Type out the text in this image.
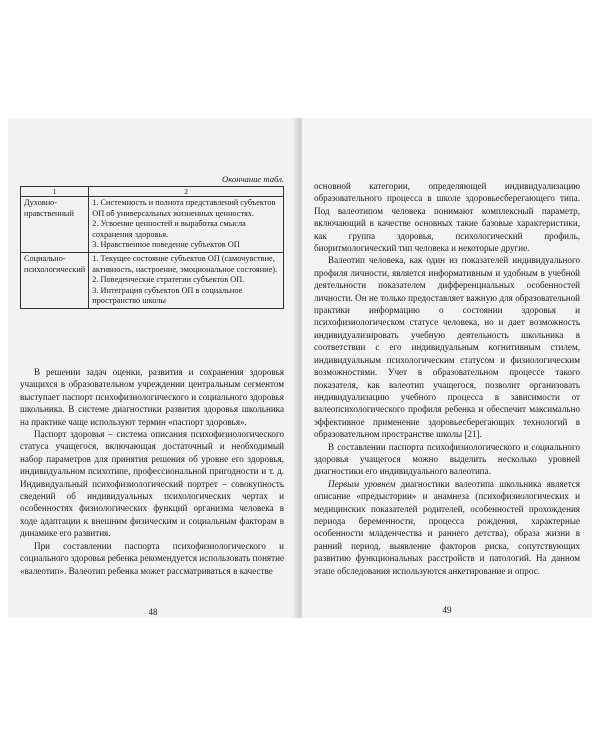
Окончание табл.
1	2
Духовно-нравственный	1. Системность и полнота представлений субъектов ОП об универсальных жизненных ценностях.

2. Усвоение ценностей и выработка смысла сохранения здоровья.

3. Нравственное поведение субъектов ОП

Социально-психологический	1. Текущее состояние субъектов ОП (самочувствие, активность, настроение, эмоциональное состояние).

2. Поведенческие стратегии субъектов ОП.

3. Интеграция субъектов ОП в социальное пространство школы

В решении задач оценки, развития и сохранения здоровья учащихся в образовательном учреждении центральным сегментом выступает паспорт психофизиологического и социального здоровья школьника. В системе диагностики развития здоровья школьника на практике чаще используют термин «паспорт здоровья».

Паспорт здоровья – система описания психофизиологического статуса учащегося, включающая достаточный и необходимый набор параметров для принятия решения об уровне его здоровья, индивидуальном психотипе, профессиональной пригодности и т. д. Индивидуальный психофизиологический портрет – совокупность сведений об индивидуальных психологических чертах и особенностях физиологических функций организма человека в ходе адаптации к внешним физическим и социальным факторам в динамике его развития.

При составлении паспорта психофизиологического и социального здоровья ребенка рекомендуется использовать понятие «валеотип». Валеотип ребенка может рассматриваться в качестве

48

основной категории, определяющей индивидуализацию образовательного процесса в школе здоровьесберегающего типа. Под валеотипом человека понимают комплексный параметр, включающий в качестве основных такие базовые характеристики, как группа здоровья, психологический профиль, биоритмологический тип человека и некоторые другие.

Валеотип человека, как один из показателей индивидуального профиля личности, является информативным и удобным в учебной деятельности показателем дифференциальных особенностей личности. Он не только предоставляет важную для образовательной практики информацию о состоянии здоровья и психофизиологическом статусе человека, но и дает возможность индивидуализировать учебную деятельность школьника в соответствии с его индивидуальным когнитивным стилем, индивидуальным психологическим статусом и физиологическим возможностями. Учет в образовательном процессе такого показателя, как валеотип учащегося, позволит организовать индивидуализацию учебного процесса в зависимости от валеопсихологического профиля ребенка и обеспечит максимально эффективное применение здоровьесберегающих технологий в образовательном пространстве школы [21].

В составлении паспорта психофизиологического и социального здоровья учащегося можно выделить несколько уровней диагностики его индивидуального валеотипа.

Первым уровнем диагностики валеотипа школьника является описание «предыстории» и анамнеза (психофизиологических и медицинских показателей родителей, особенностей прохождения периода беременности, процесса рождения, характерные особенности младенчества и раннего детства), образа жизни в ранний период, выявление факторов риска, сопутствующих развитию функциональных расстройств и патологий. На данном этапе обследования используются анкетирование и опрос.

49
